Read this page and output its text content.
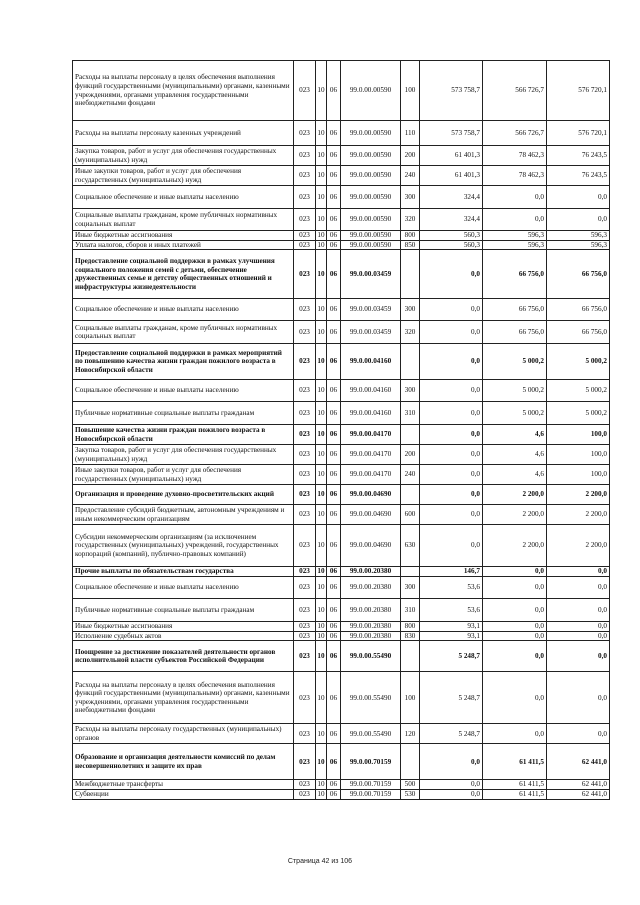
Расходы на выплаты персоналу в целях обеспечения выполнения функций государственными (муниципальными) органами, казенными учреждениями, органами управления государственными внебюджетными фондами	023	10	06	99.0.00.00590	100	573 758,7	566 726,7	576 720,1
Расходы на выплаты персоналу казенных учреждений	023	10	06	99.0.00.00590	110	573 758,7	566 726,7	576 720,1
Закупка товаров, работ и услуг для обеспечения государственных (муниципальных) нужд	023	10	06	99.0.00.00590	200	61 401,3	78 462,3	76 243,5
Иные закупки товаров, работ и услуг для обеспечения государственных (муниципальных) нужд	023	10	06	99.0.00.00590	240	61 401,3	78 462,3	76 243,5
Социальное обеспечение и иные выплаты населению	023	10	06	99.0.00.00590	300	324,4	0,0	0,0
Социальные выплаты гражданам, кроме публичных нормативных социальных выплат	023	10	06	99.0.00.00590	320	324,4	0,0	0,0
Иные бюджетные ассигнования	023	10	06	99.0.00.00590	800	560,3	596,3	596,3
Уплата налогов, сборов и иных платежей	023	10	06	99.0.00.00590	850	560,3	596,3	596,3
Предоставление социальной поддержки в рамках улучшения социального положения семей с детьми, обеспечение дружественных семье и детству общественных отношений и инфраструктуры жизнедеятельности	023	10	06	99.0.00.03459		0,0	66 756,0	66 756,0
Социальное обеспечение и иные выплаты населению	023	10	06	99.0.00.03459	300	0,0	66 756,0	66 756,0
Социальные выплаты гражданам, кроме публичных нормативных социальных выплат	023	10	06	99.0.00.03459	320	0,0	66 756,0	66 756,0
Предоставление социальной поддержки в рамках мероприятий по повышению качества жизни граждан пожилого возраста в Новосибирской области	023	10	06	99.0.00.04160		0,0	5 000,2	5 000,2
Социальное обеспечение и иные выплаты населению	023	10	06	99.0.00.04160	300	0,0	5 000,2	5 000,2
Публичные нормативные социальные выплаты гражданам	023	10	06	99.0.00.04160	310	0,0	5 000,2	5 000,2
Повышение качества жизни граждан пожилого возраста в Новосибирской области	023	10	06	99.0.00.04170		0,0	4,6	100,0
Закупка товаров, работ и услуг для обеспечения государственных (муниципальных) нужд	023	10	06	99.0.00.04170	200	0,0	4,6	100,0
Иные закупки товаров, работ и услуг для обеспечения государственных (муниципальных) нужд	023	10	06	99.0.00.04170	240	0,0	4,6	100,0
Организация и проведение духовно-просветительских акций	023	10	06	99.0.00.04690		0,0	2 200,0	2 200,0
Предоставление субсидий бюджетным, автономным учреждениям и иным некоммерческим организациям	023	10	06	99.0.00.04690	600	0,0	2 200,0	2 200,0
Субсидии некоммерческим организациям (за исключением государственных (муниципальных) учреждений, государственных корпораций (компаний), публично-правовых компаний)	023	10	06	99.0.00.04690	630	0,0	2 200,0	2 200,0
Прочие выплаты по обязательствам государства	023	10	06	99.0.00.20380		146,7	0,0	0,0
Социальное обеспечение и иные выплаты населению	023	10	06	99.0.00.20380	300	53,6	0,0	0,0
Публичные нормативные социальные выплаты гражданам	023	10	06	99.0.00.20380	310	53,6	0,0	0,0
Иные бюджетные ассигнования	023	10	06	99.0.00.20380	800	93,1	0,0	0,0
Исполнение судебных актов	023	10	06	99.0.00.20380	830	93,1	0,0	0,0
Поощрение за достижение показателей деятельности органов исполнительной власти субъектов Российской Федерации	023	10	06	99.0.00.55490		5 248,7	0,0	0,0
Расходы на выплаты персоналу в целях обеспечения выполнения функций государственными (муниципальными) органами, казенными учреждениями, органами управления государственными внебюджетными фондами	023	10	06	99.0.00.55490	100	5 248,7	0,0	0,0
Расходы на выплаты персоналу государственных (муниципальных) органов	023	10	06	99.0.00.55490	120	5 248,7	0,0	0,0
Образование и организация деятельности комиссий по делам несовершеннолетних и защите их прав	023	10	06	99.0.00.70159		0,0	61 411,5	62 441,0
Межбюджетные трансферты	023	10	06	99.0.00.70159	500	0,0	61 411,5	62 441,0
Субвенции	023	10	06	99.0.00.70159	530	0,0	61 411,5	62 441,0
Страница 42 из 106
